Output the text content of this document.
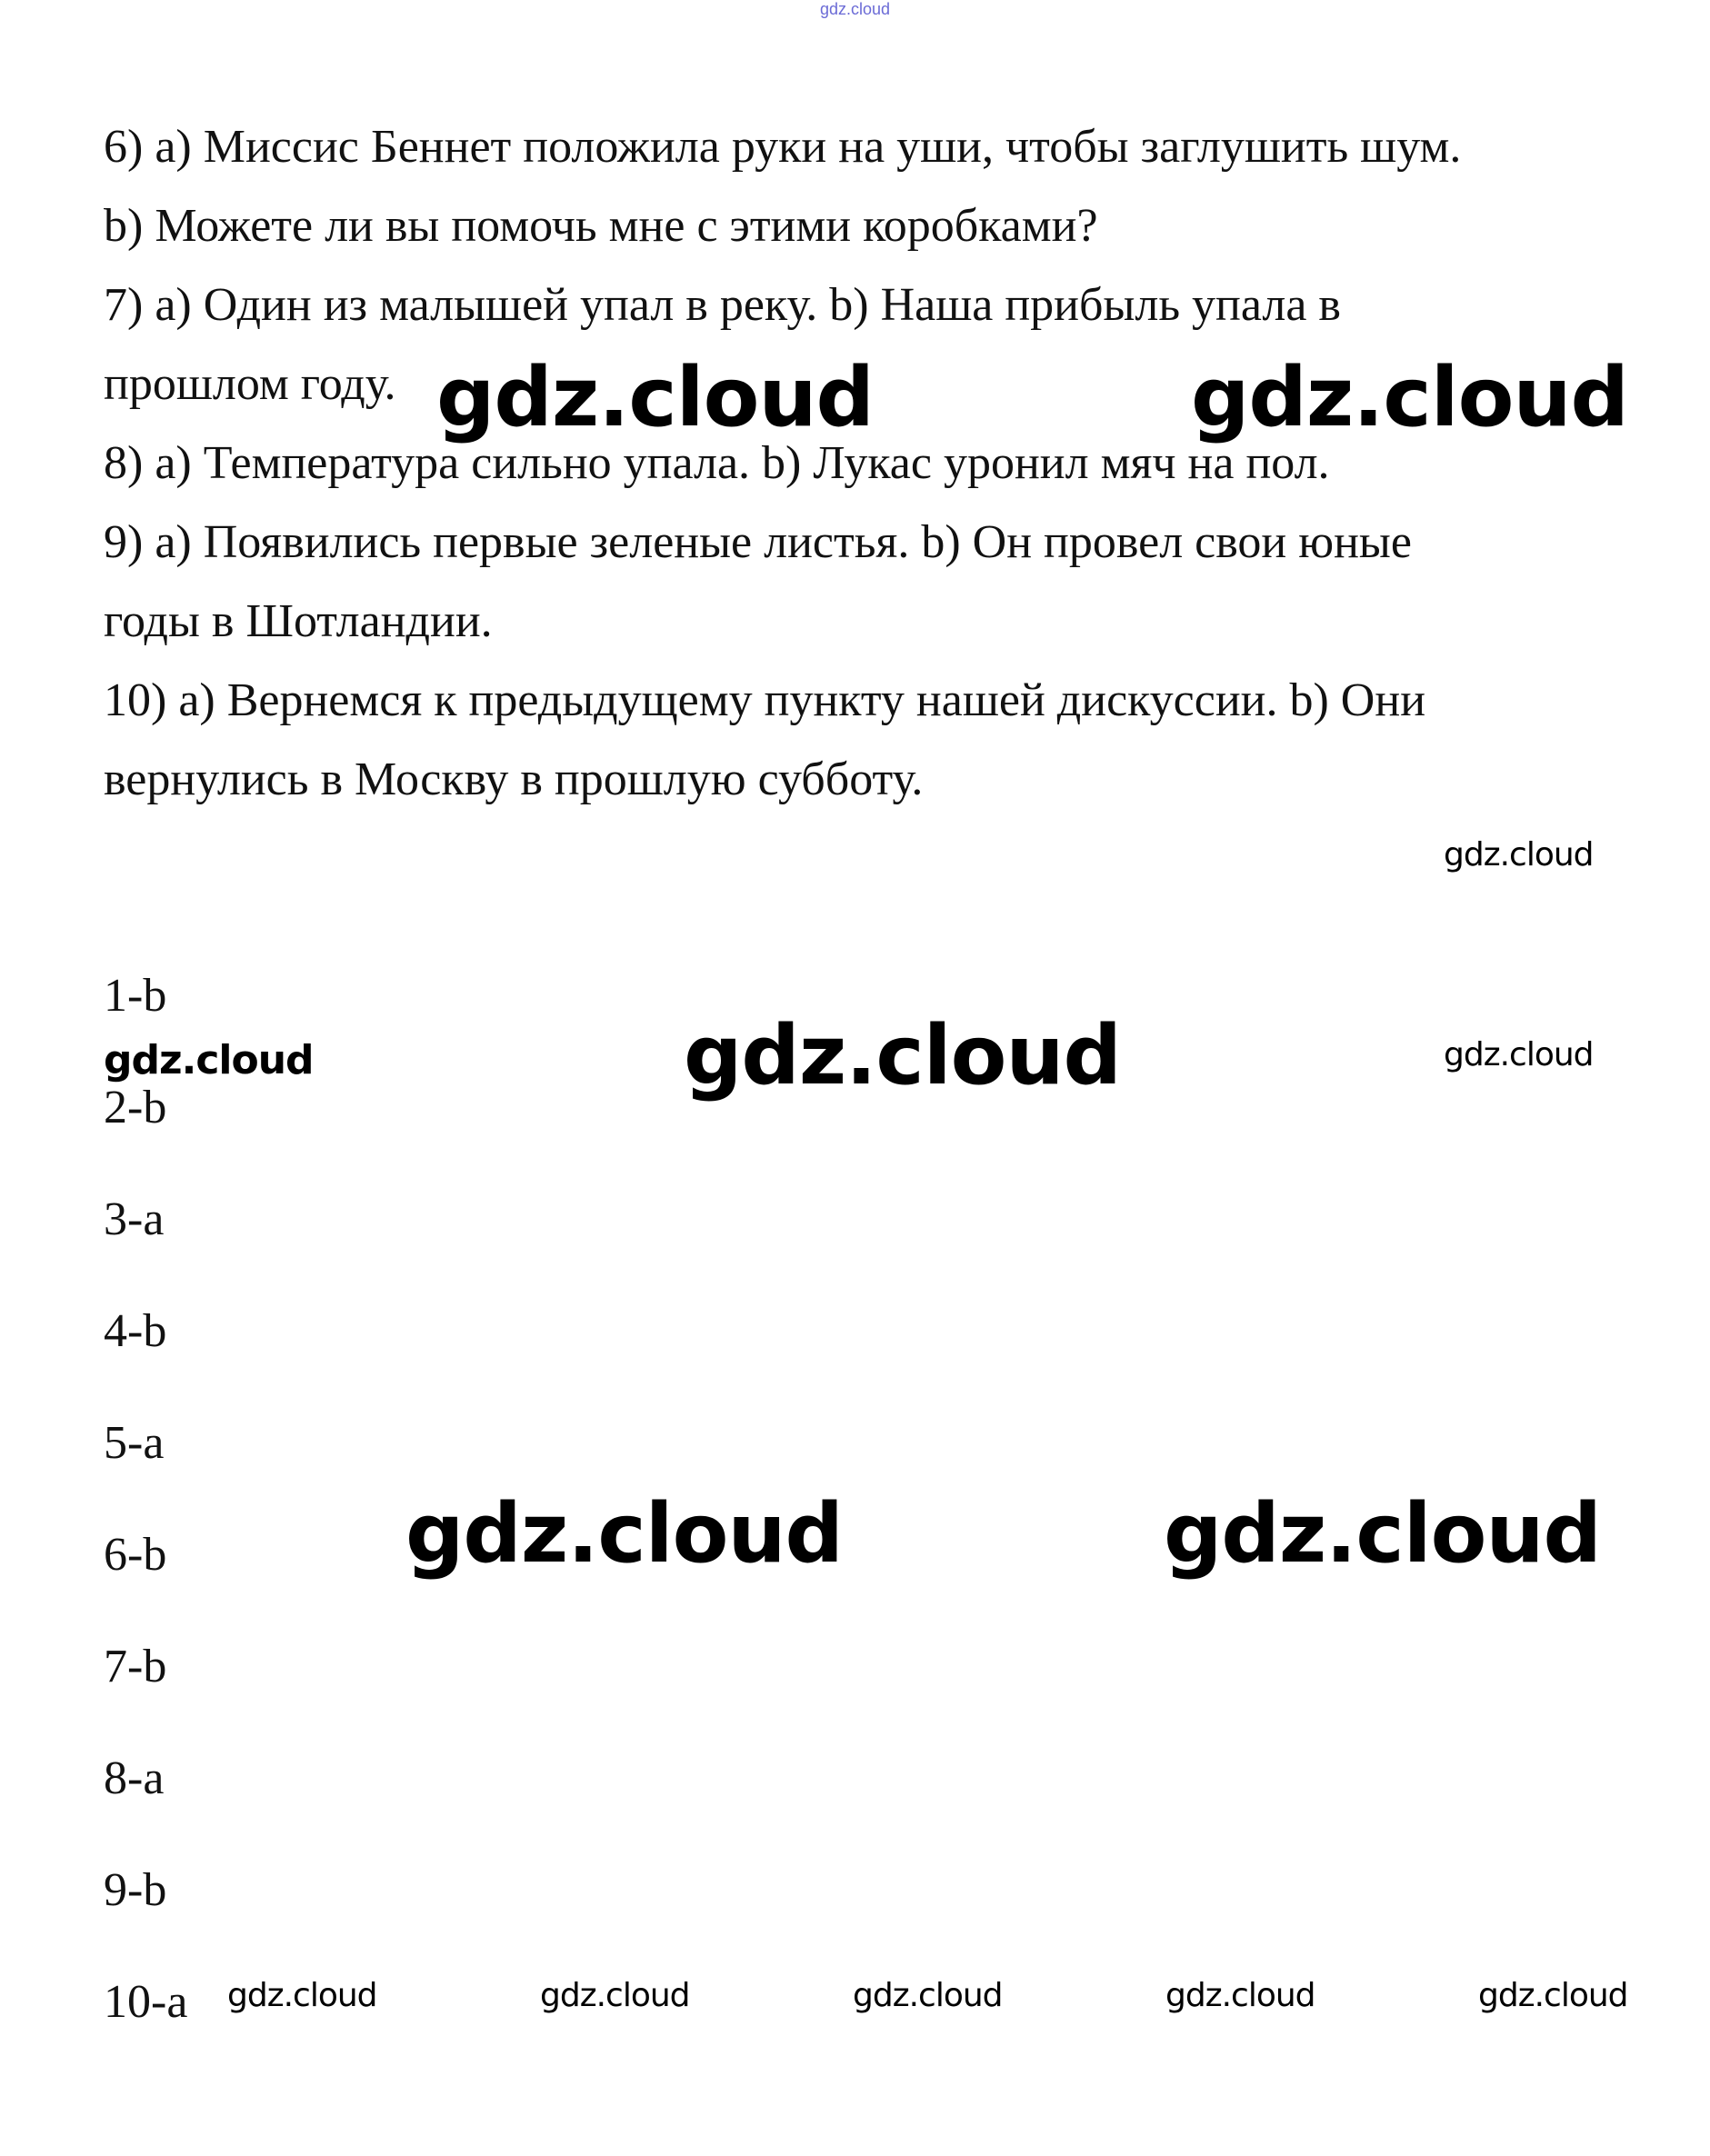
gdz.cloud

6) a) Миссис Беннет положила руки на уши, чтобы заглушить шум.
b) Можете ли вы помочь мне с этими коробками?
7) a) Один из малышей упал в реку. b) Наша прибыль упала в
прошлом году.
8) a) Температура сильно упала. b) Лукас уронил мяч на пол.
9) a) Появились первые зеленые листья. b) Он провел свои юные
годы в Шотландии.
10) a) Вернемся к предыдущему пункту нашей дискуссии. b) Они
вернулись в Москву в прошлую субботу.

1-b
2-b
3-a
4-b
5-a
6-b
7-b
8-a
9-b
10-a
gdz.cloud	gdz.cloud
gdz.cloud
gdz.cloud
gdz.cloud	gdz.cloud
gdz.cloud	gdz.cloud
gdz.cloud	gdz.cloud	gdz.cloud	gdz.cloud	gdz.cloud
